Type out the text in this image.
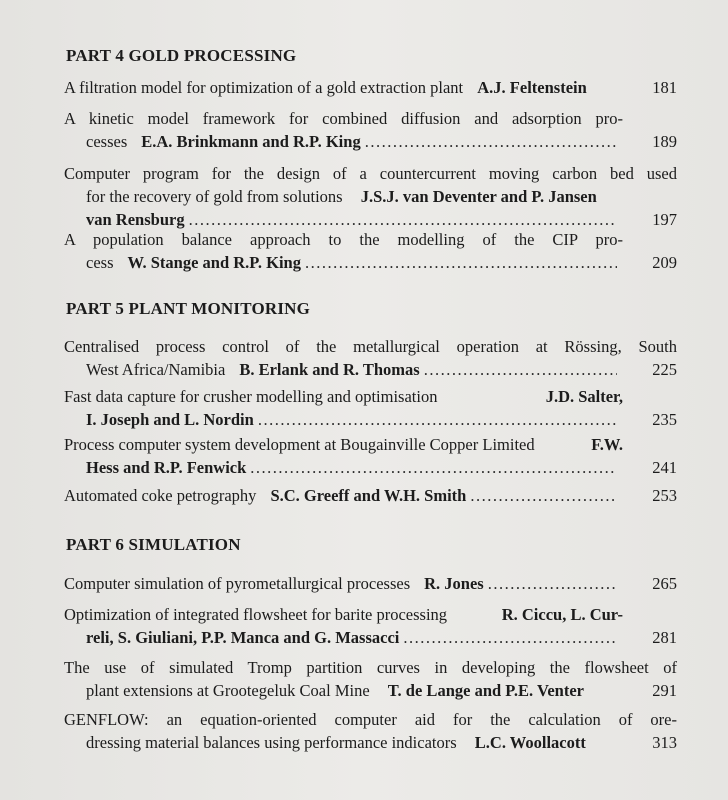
PART 4 GOLD PROCESSING
A filtration model for optimization of a gold extraction plant A.J. Feltenstein	181
A kinetic model framework for combined diffusion and adsorption pro-
cesses E.A. Brinkmann and R.P. King .....	189
Computer program for the design of a countercurrent moving carbon bed used
for the recovery of gold from solutions J.S.J. van Deventer and P. Jansen
van Rensburg .....	197
A population balance approach to the modelling of the CIP pro-
cess W. Stange and R.P. King .....	209
PART 5 PLANT MONITORING
Centralised process control of the metallurgical operation at Rössing, South
West Africa/Namibia B. Erlank and R. Thomas .....	225
Fast data capture for crusher modelling and optimisation	J.D. Salter,
I. Joseph and L. Nordin .....	235
Process computer system development at Bougainville Copper Limited	F.W.
Hess and R.P. Fenwick .....	241
Automated coke petrography S.C. Greeff and W.H. Smith .....	253
PART 6 SIMULATION
Computer simulation of pyrometallurgical processes R. Jones .....	265
Optimization of integrated flowsheet for barite processing	R. Ciccu, L. Cur-
reli, S. Giuliani, P.P. Manca and G. Massacci .....	281
The use of simulated Tromp partition curves in developing the flowsheet of
plant extensions at Grootegeluk Coal Mine T. de Lange and P.E. Venter	291
GENFLOW: an equation-oriented computer aid for the calculation of ore-
dressing material balances using performance indicators L.C. Woollacott	313
